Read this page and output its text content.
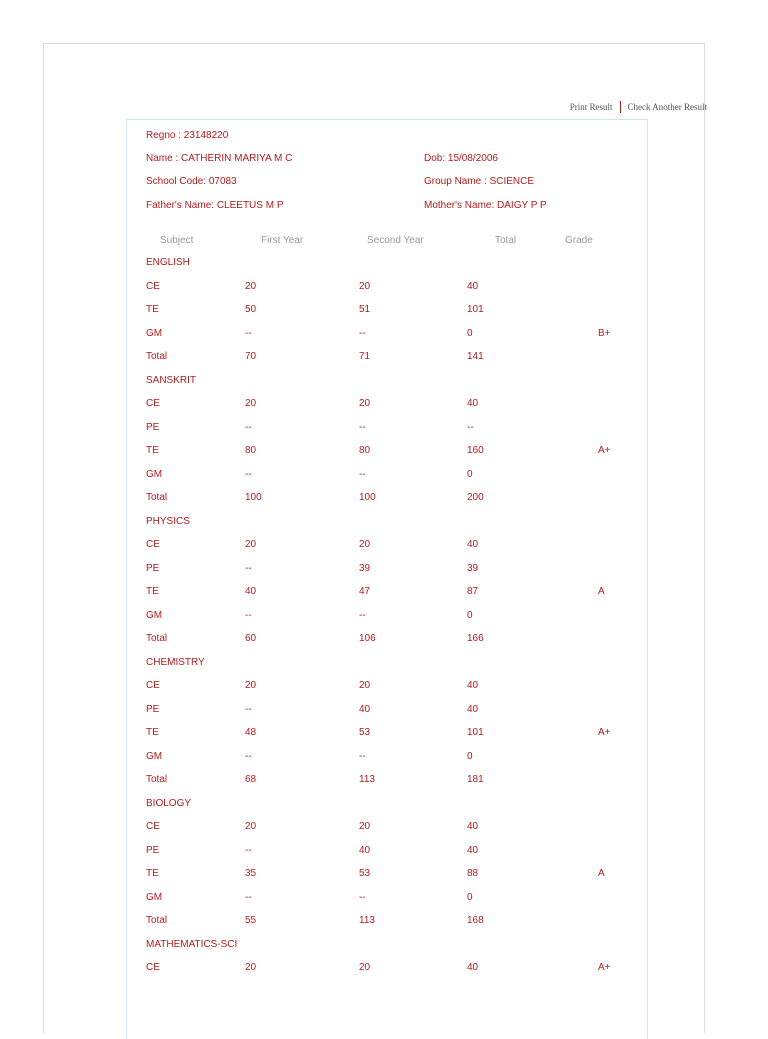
Print Result Check Another Result
Regno : 23148220
Name : CATHERIN MARIYA M C	Dob: 15/08/2006
School Code: 07083	Group Name : SCIENCE
Father's Name: CLEETUS M P	Mother's Name: DAIGY P P
Subject	First Year	Second Year	Total	Grade
ENGLISH
CE	20	20	40
TE	50	51	101
GM	--	--	0	B+
Total	70	71	141
SANSKRIT
CE	20	20	40
PE	--	--	--
TE	80	80	160	A+
GM	--	--	0
Total	100	100	200
PHYSICS
CE	20	20	40
PE	--	39	39
TE	40	47	87	A
GM	--	--	0
Total	60	106	166
CHEMISTRY
CE	20	20	40
PE	--	40	40
TE	48	53	101	A+
GM	--	--	0
Total	68	113	181
BIOLOGY
CE	20	20	40
PE	--	40	40
TE	35	53	88	A
GM	--	--	0
Total	55	113	168
MATHEMATICS-SCI
CE	20	20	40	A+
